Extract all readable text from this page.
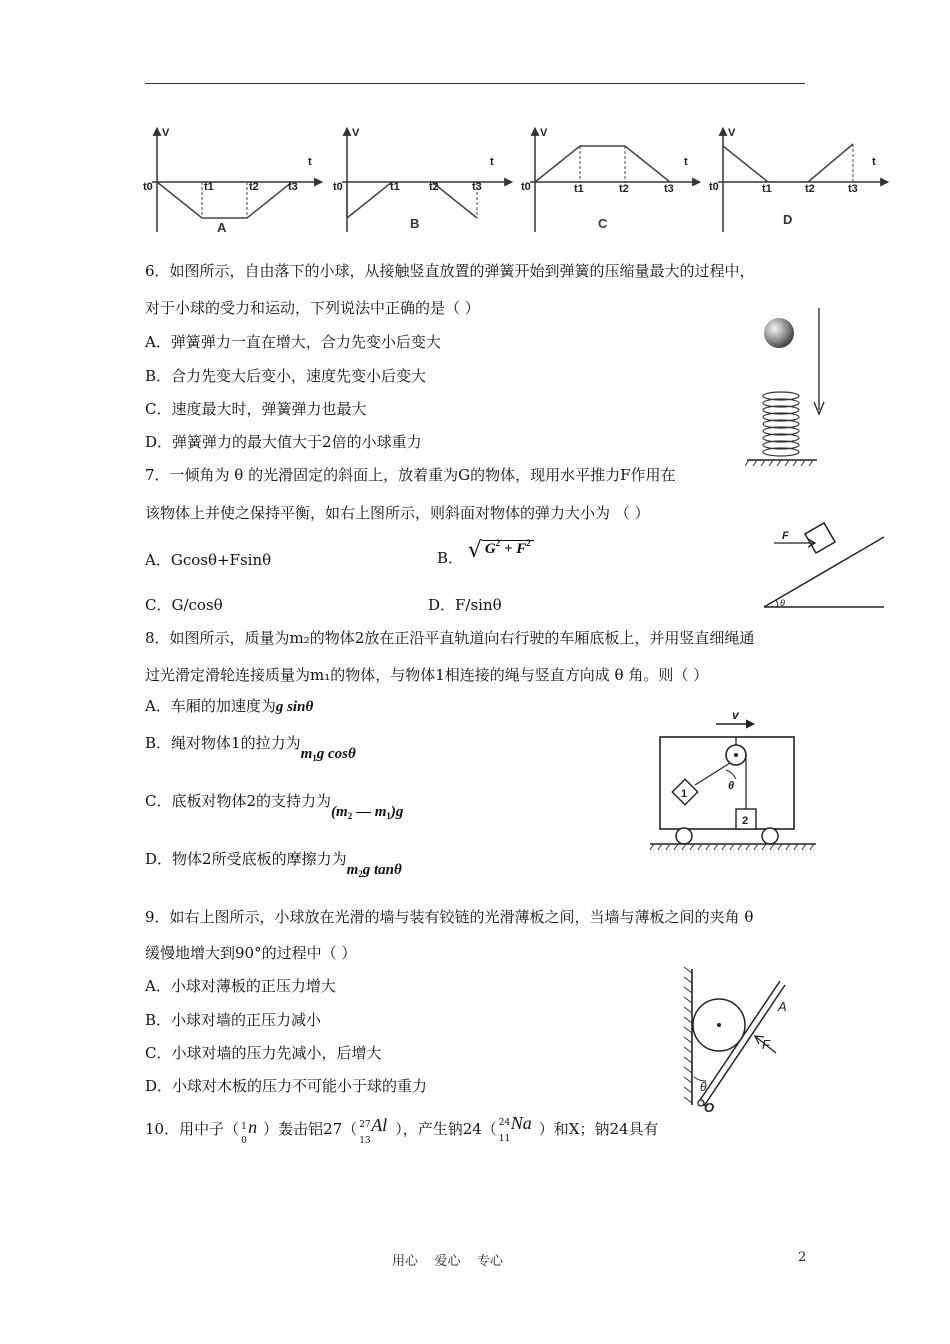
V
t
t0	t1	t2	t3
A
V
t
t0	t1	t2	t3
B
V
t
t0	t1	t2	t3
C
V
t
t0	t1	t2	t3
D
6．如图所示，自由落下的小球，从接触竖直放置的弹簧开始到弹簧的压缩量最大的过程中，
对于小球的受力和运动，下列说法中正确的是（ ）
A．弹簧弹力一直在增大，合力先变小后变大
B．合力先变大后变小，速度先变小后变大
C．速度最大时，弹簧弹力也最大
D．弹簧弹力的最大值大于2倍的小球重力
7．一倾角为 θ 的光滑固定的斜面上，放着重为G的物体，现用水平推力F作用在
该物体上并使之保持平衡，如右上图所示，则斜面对物体的弹力大小为 （ ）
A．Gcosθ+Fsinθ	B． √ $G^2 + F^2$
C．G/cosθ	D．F/sinθ	θ
F
8．如图所示，质量为m₂的物体2放在正沿平直轨道向右行驶的车厢底板上，并用竖直细绳通
过光滑定滑轮连接质量为m₁的物体，与物体1相连接的绳与竖直方向成 θ 角。则（ ）
A．车厢的加速度为g sinθ
B．绳对物体1的拉力为$m_1g$ cosθ
C．底板对物体2的支持力为($m_2$ — $m_1)g$
D．物体2所受底板的摩擦力为$m_2g$ tanθ
v
θ
1
2
9．如右上图所示，小球放在光滑的墙与装有铰链的光滑薄板之间，当墙与薄板之间的夹角 θ
缓慢地增大到90°的过程中（ ）
A．小球对薄板的正压力增大
B．小球对墙的正压力减小
C．小球对墙的压力先减小，后增大
D．小球对木板的压力不可能小于球的重力
A
F
θ
O
10．用中子（ 1
0
n ）轰击铝27（ 27
13
Al ），产生钠24（ 24
11
Na ）和X；钠24具有
用心    爱心    专心	2
